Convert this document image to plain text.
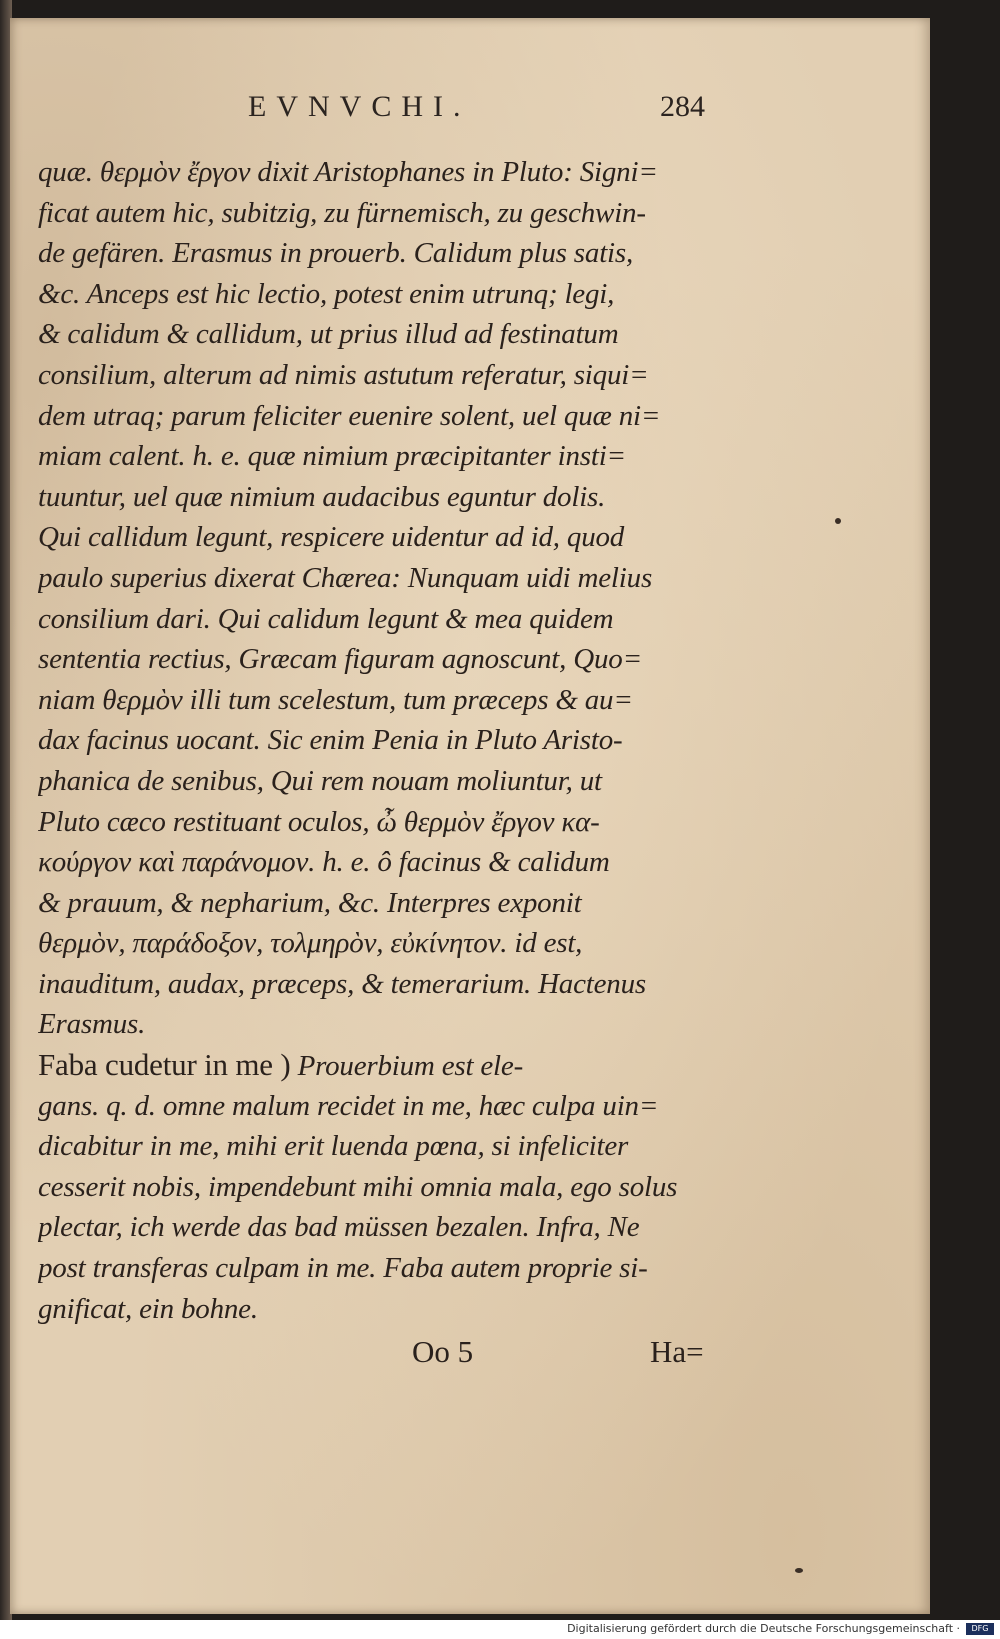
EVNVCHI.	284
quæ. θερμὸν ἔργον dixit Aristophanes in Pluto: Signi=
ficat autem hic, subitzig, zu fürnemisch, zu geschwin-
de gefären. Erasmus in prouerb. Calidum plus satis,
&c. Anceps est hic lectio, potest enim utrunq; legi,
& calidum & callidum, ut prius illud ad festinatum
consilium, alterum ad nimis astutum referatur, siqui=
dem utraq; parum feliciter euenire solent, uel quæ ni=
miam calent. h. e. quæ nimium præcipitanter insti=
tuuntur, uel quæ nimium audacibus eguntur dolis.
Qui callidum legunt, respicere uidentur ad id, quod
paulo superius dixerat Chærea: Nunquam uidi melius
consilium dari. Qui calidum legunt & mea quidem
sententia rectius, Græcam figuram agnoscunt, Quo=
niam θερμὸν illi tum scelestum, tum præceps & au=
dax facinus uocant. Sic enim Penia in Pluto Aristo-
phanica de senibus, Qui rem nouam moliuntur, ut
Pluto cæco restituant oculos, ὦ θερμὸν ἔργον κα-
κούργον καὶ παράνομον. h. e. ô facinus & calidum
& prauum, & nepharium, &c. Interpres exponit
θερμὸν, παράδοξον, τολμηρὸν, εὐκίνητον. id est,
inauditum, audax, præceps, & temerarium. Hactenus
Erasmus.
Faba cudetur in me ) Prouerbium est ele-
gans. q. d. omne malum recidet in me, hæc culpa uin=
dicabitur in me, mihi erit luenda pœna, si infeliciter
cesserit nobis, impendebunt mihi omnia mala, ego solus
plectar, ich werde das bad müssen bezalen. Infra, Ne
post transferas culpam in me. Faba autem proprie si-
gnificat, ein bohne.
Oo 5	Ha=
Digitalisierung gefördert durch die Deutsche Forschungsgemeinschaft ·	DFG
